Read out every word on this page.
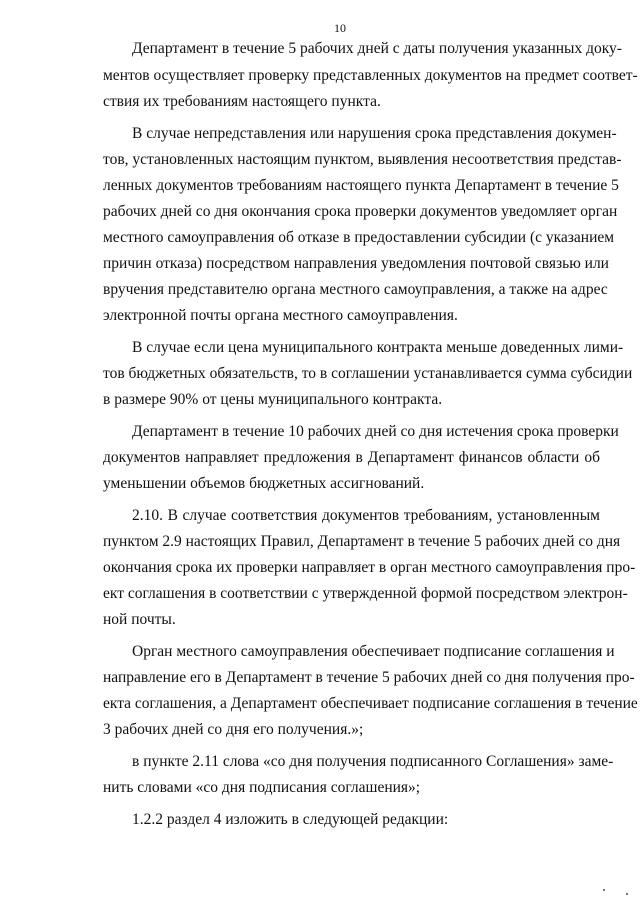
10
Департамент в течение 5 рабочих дней с даты получения указанных доку-
ментов осуществляет проверку представленных документов на предмет соответ-
ствия их требованиям настоящего пункта.
В случае непредставления или нарушения срока представления докумен-
тов, установленных настоящим пунктом, выявления несоответствия представ-
ленных документов требованиям настоящего пункта Департамент в течение 5
рабочих дней со дня окончания срока проверки документов уведомляет орган
местного самоуправления об отказе в предоставлении субсидии (с указанием
причин отказа) посредством направления уведомления почтовой связью или
вручения представителю органа местного самоуправления, а также на адрес
электронной почты органа местного самоуправления.
В случае если цена муниципального контракта меньше доведенных лими-
тов бюджетных обязательств, то в соглашении устанавливается сумма субсидии
в размере 90% от цены муниципального контракта.
Департамент в течение 10 рабочих дней со дня истечения срока проверки
документов направляет предложения в Департамент финансов области об
уменьшении объемов бюджетных ассигнований.
2.10. В случае соответствия документов требованиям, установленным
пунктом 2.9 настоящих Правил, Департамент в течение 5 рабочих дней со дня
окончания срока их проверки направляет в орган местного самоуправления про-
ект соглашения в соответствии с утвержденной формой посредством электрон-
ной почты.
Орган местного самоуправления обеспечивает подписание соглашения и
направление его в Департамент в течение 5 рабочих дней со дня получения про-
екта соглашения, а Департамент обеспечивает подписание соглашения в течение
3 рабочих дней со дня его получения.»;
в пункте 2.11 слова «со дня получения подписанного Соглашения» заме-
нить словами «со дня подписания соглашения»;
1.2.2 раздел 4 изложить в следующей редакции:
